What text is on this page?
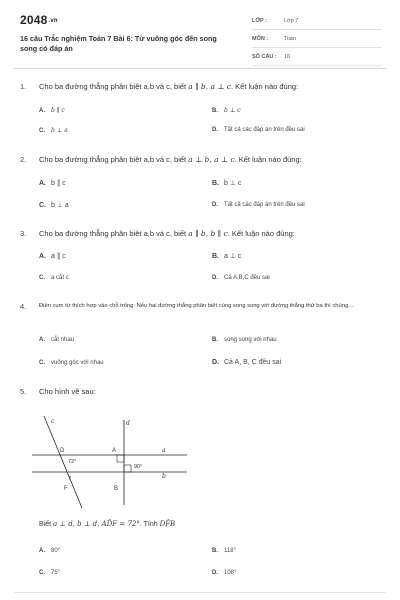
2048.vn
16 câu Trắc nghiệm Toán 7 Bài 6: Từ vuông góc đến song song có đáp án
LỚP :	Lớp 7
MÔN :	Toán
SỐ CÂU : 16
1. Cho ba đường thẳng phân biệt a,b và c, biết a ∥ b, a ⊥ c. Kết luận nào đúng:
A. b ∥ c	B. b ⊥ c
C. b ⊥ a	D. Tất cả các đáp án trên đều sai
2. Cho ba đường thẳng phân biệt a,b và c, biết a ⊥ b, a ⊥ c. Kết luận nào đúng:
A. b ∥ c	B. b ⊥ c
C. b ⊥ a	D. Tất cả các đáp án trên đều sai
3. Cho ba đường thẳng phân biệt a,b và c, biết a ∥ b, b ∥ c. Kết luận nào đúng:
A. a ∥ c	B. a ⊥ c
C. a cắt c	D. Cả A,B,C đều sai
4. Điền cụm từ thích hợp vào chỗ trống: Nếu hai đường thẳng phân biệt cùng song song với đường thẳng thứ ba thì chúng…
A. cắt nhau	B. song song với nhau
C. vuông góc với nhau	D. Cả A, B, C đều sai
5. Cho hình vẽ sau:
c	d
a
b
D	A
F	B
72°
?
90°
Biết a ⊥ d, b ⊥ d, AD̂F = 72°. Tính DF̂B
A. 80°	B. 118°
C. 75°	D. 108°
